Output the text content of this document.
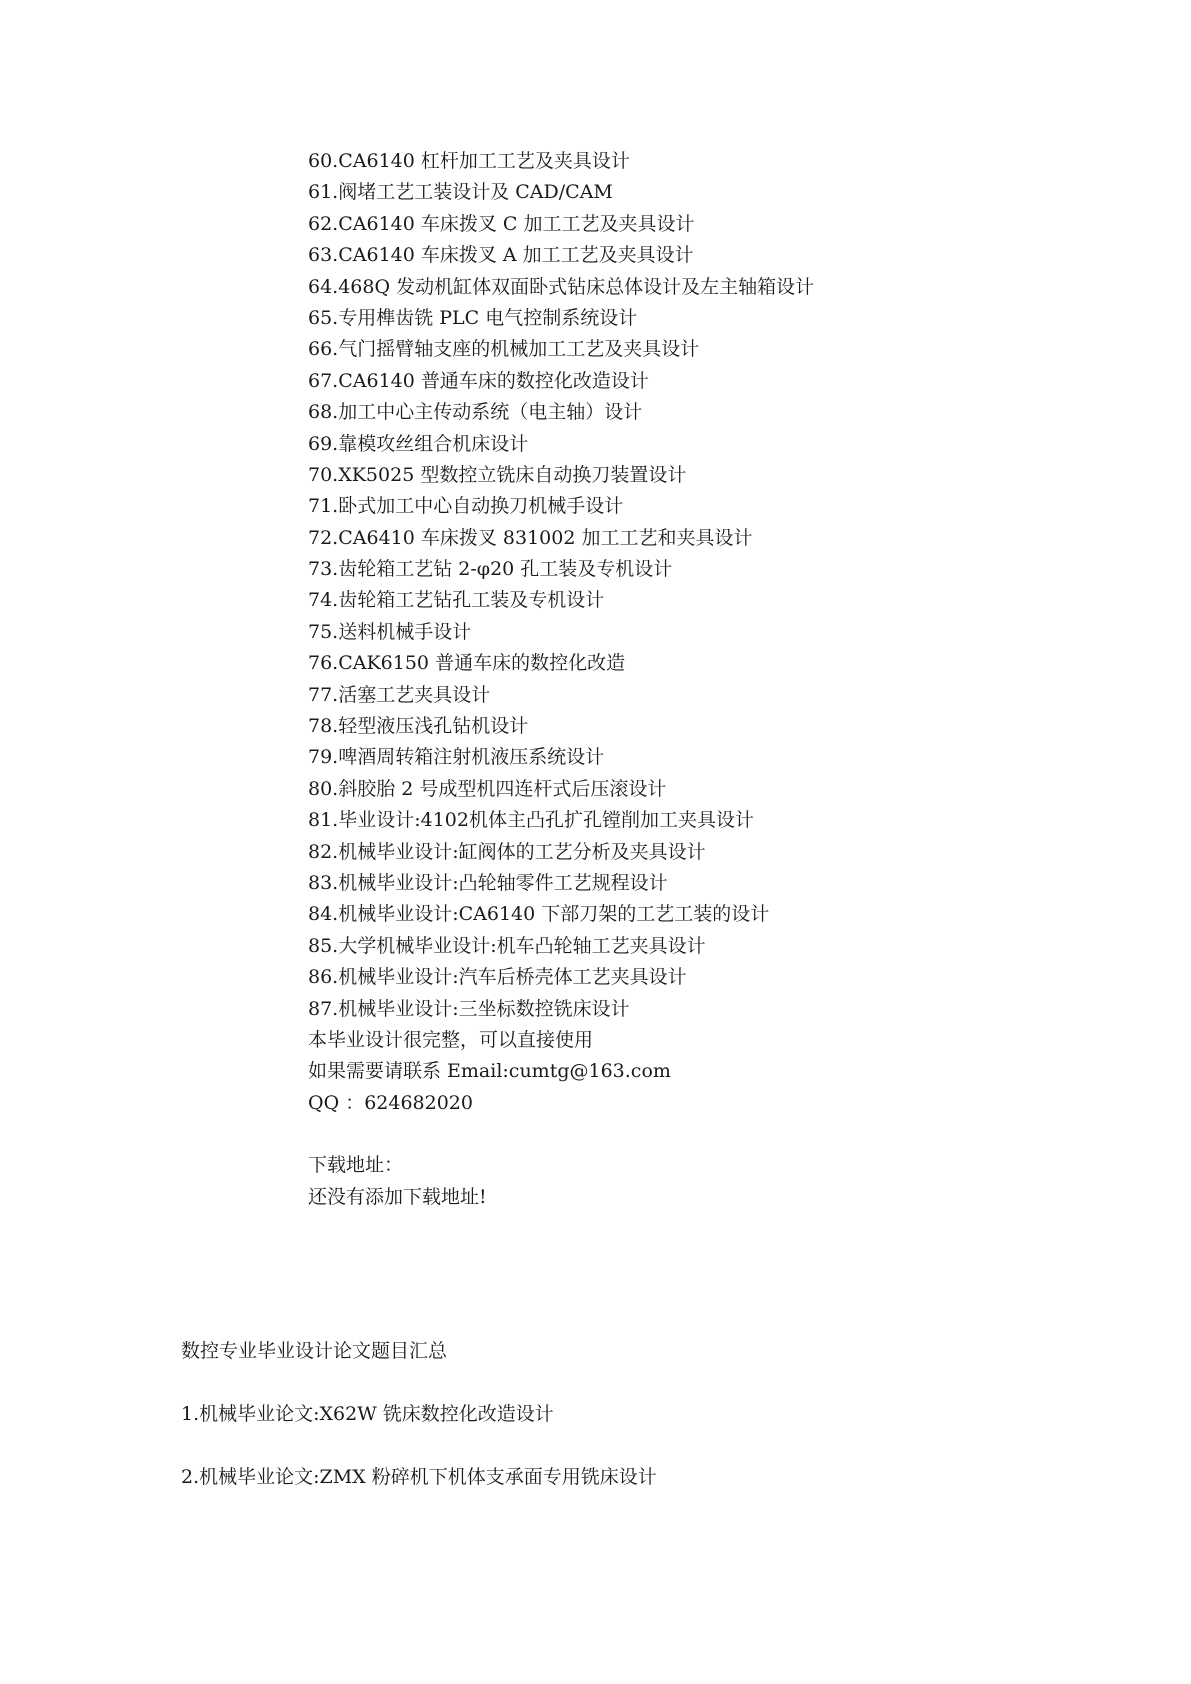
60.CA6140 杠杆加工工艺及夹具设计
61.阀堵工艺工装设计及 CAD/CAM
62.CA6140 车床拨叉 C 加工工艺及夹具设计
63.CA6140 车床拨叉 A 加工工艺及夹具设计
64.468Q 发动机缸体双面卧式钻床总体设计及左主轴箱设计
65.专用榫齿铣 PLC 电气控制系统设计
66.气门摇臂轴支座的机械加工工艺及夹具设计
67.CA6140 普通车床的数控化改造设计
68.加工中心主传动系统（电主轴）设计
69.靠模攻丝组合机床设计
70.XK5025 型数控立铣床自动换刀装置设计
71.卧式加工中心自动换刀机械手设计
72.CA6410 车床拨叉 831002 加工工艺和夹具设计
73.齿轮箱工艺钻 2-φ20 孔工装及专机设计
74.齿轮箱工艺钻孔工装及专机设计
75.送料机械手设计
76.CAK6150 普通车床的数控化改造
77.活塞工艺夹具设计
78.轻型液压浅孔钻机设计
79.啤酒周转箱注射机液压系统设计
80.斜胶胎 2 号成型机四连杆式后压滚设计
81.毕业设计:4102机体主凸孔扩孔镗削加工夹具设计
82.机械毕业设计:缸阀体的工艺分析及夹具设计
83.机械毕业设计:凸轮轴零件工艺规程设计
84.机械毕业设计:CA6140 下部刀架的工艺工装的设计
85.大学机械毕业设计:机车凸轮轴工艺夹具设计
86.机械毕业设计:汽车后桥壳体工艺夹具设计
87.机械毕业设计:三坐标数控铣床设计
本毕业设计很完整，可以直接使用
如果需要请联系 Email:cumtg@163.com
QQ ：624682020
下载地址：
还没有添加下载地址!
数控专业毕业设计论文题目汇总
1.机械毕业论文:X62W 铣床数控化改造设计
2.机械毕业论文:ZMX 粉碎机下机体支承面专用铣床设计
